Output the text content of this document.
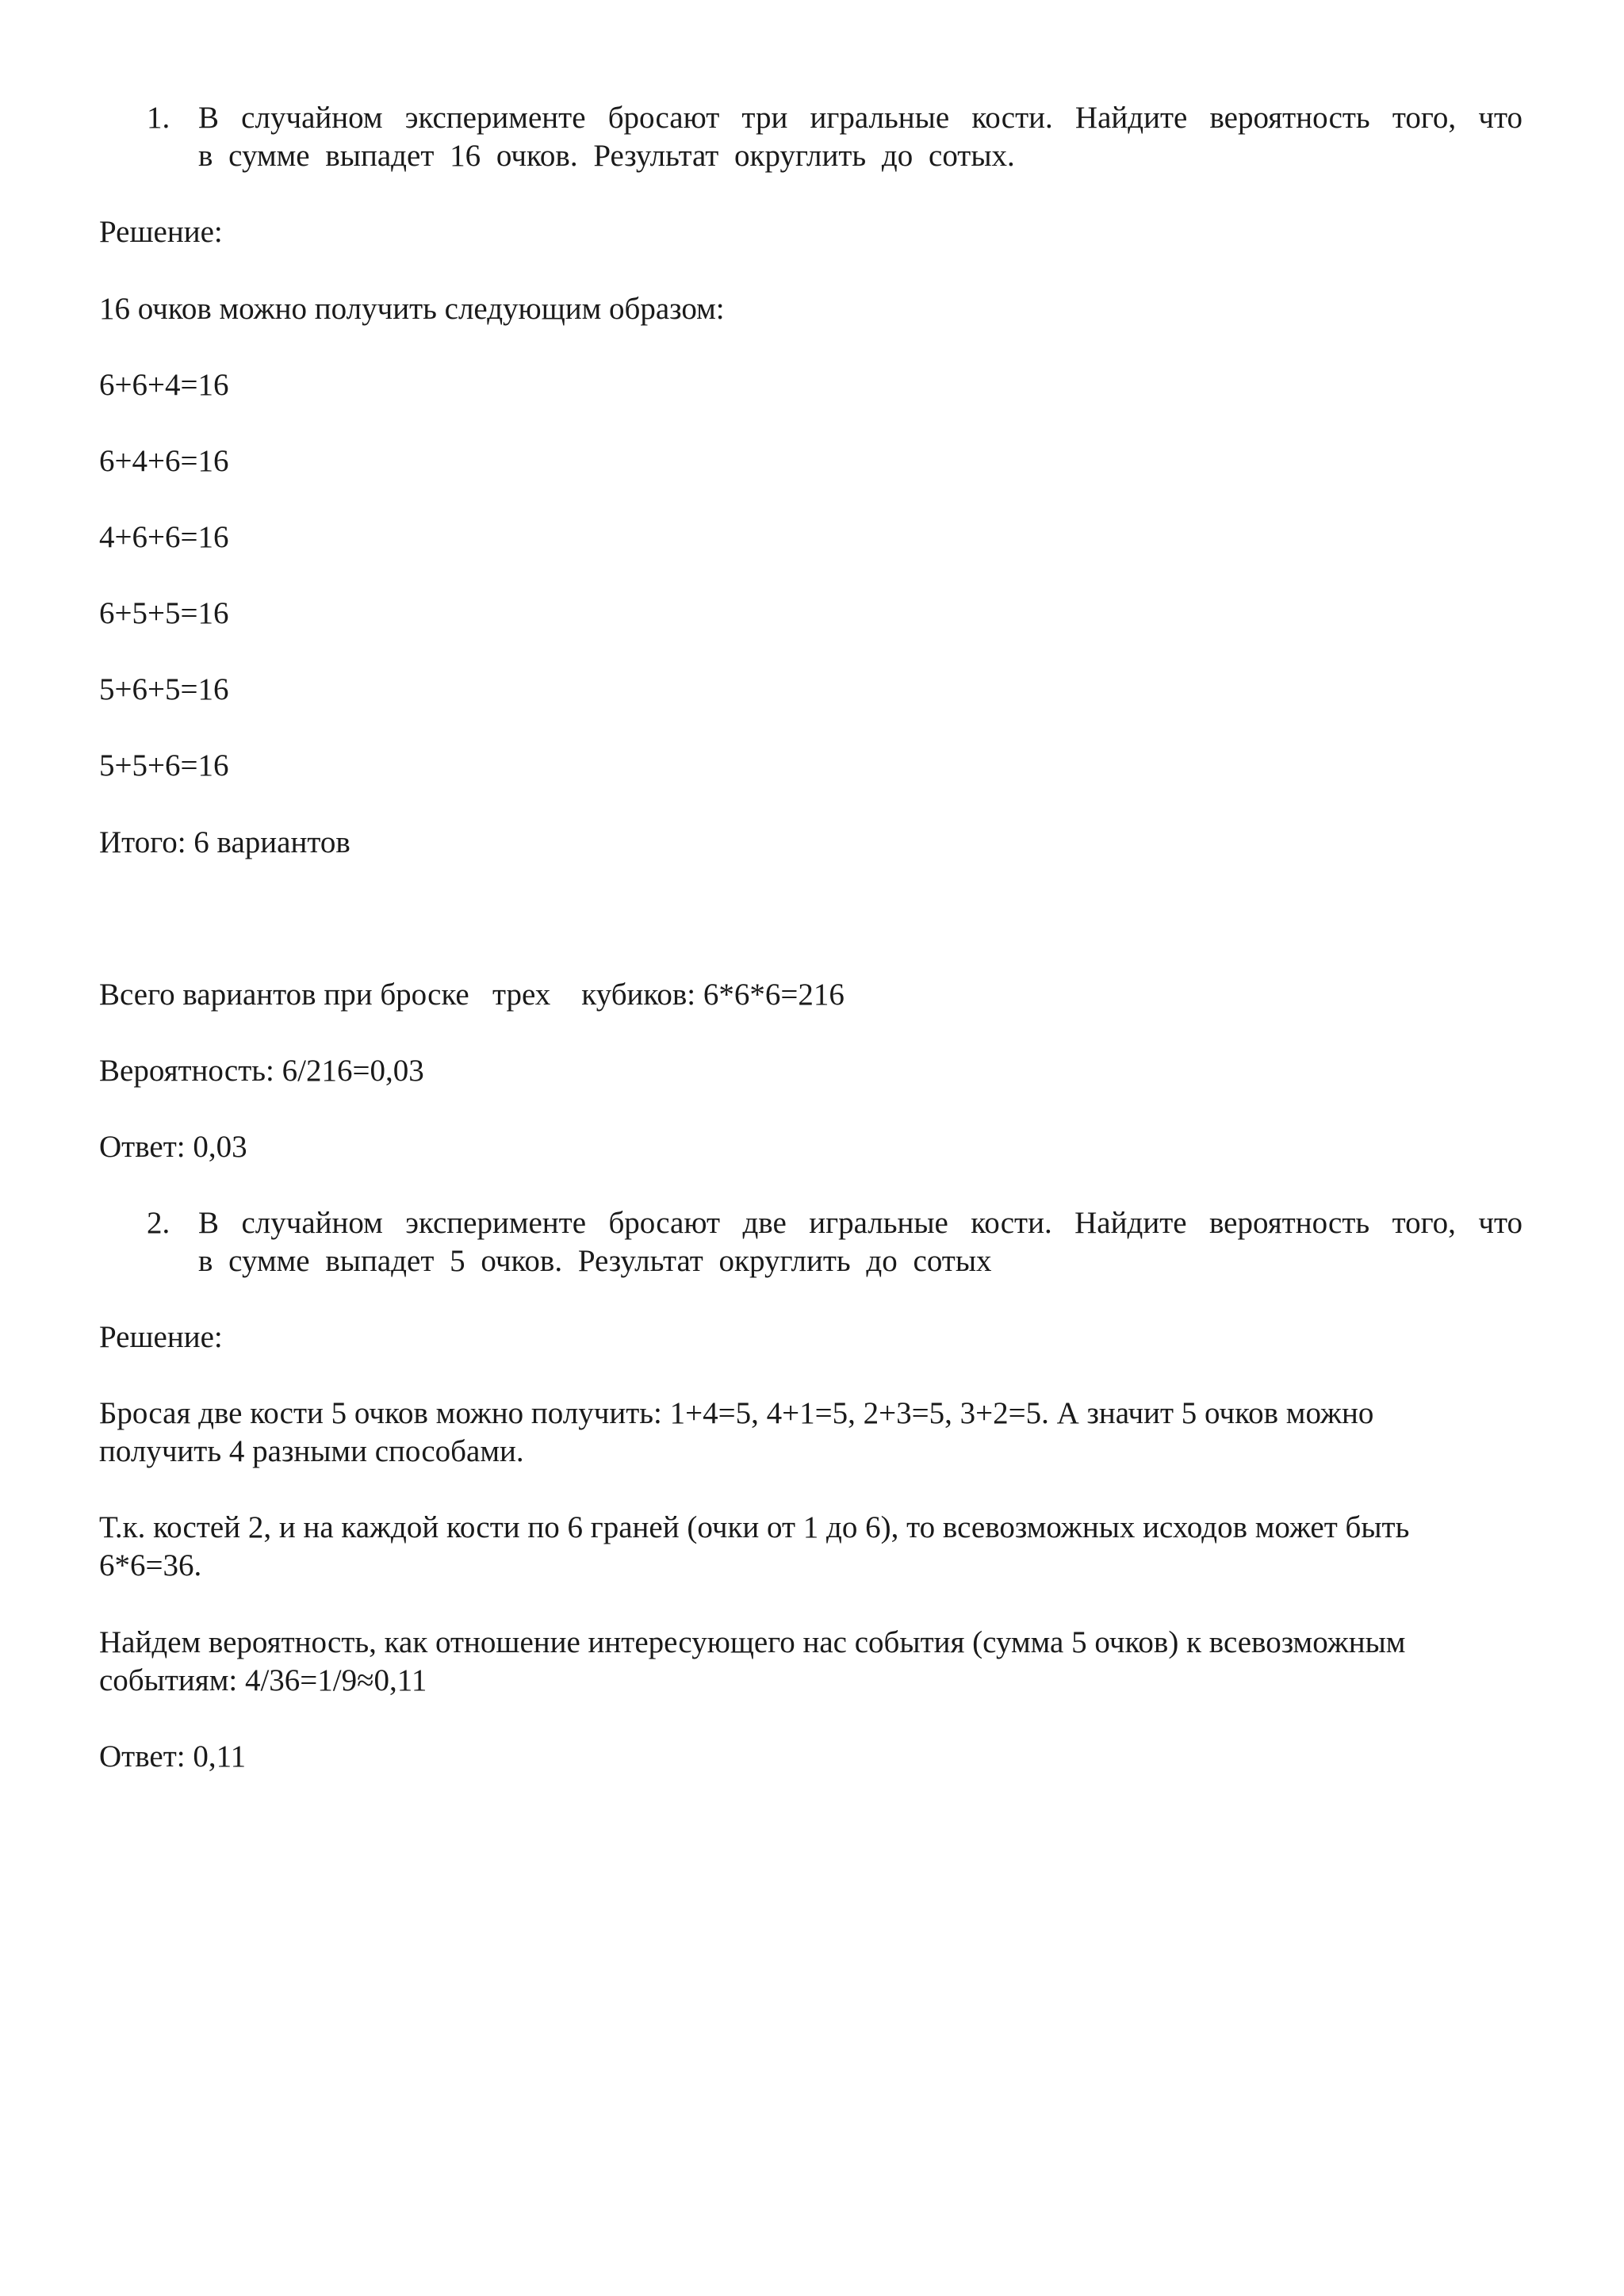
1. В случайном эксперименте бросают три игральные кости. Найдите вероятность того, что
в сумме выпадет 16 очков. Результат округлить до сотых.
Решение:
16 очков можно получить следующим образом:
6+6+4=16
6+4+6=16
4+6+6=16
6+5+5=16
5+6+5=16
5+5+6=16
Итого: 6 вариантов
Всего вариантов при броске   трех    кубиков: 6*6*6=216
Вероятность: 6/216=0,03
Ответ: 0,03
2. В случайном эксперименте бросают две игральные кости. Найдите вероятность того, что
в сумме выпадет 5 очков. Результат округлить до сотых
Решение:
Бросая две кости 5 очков можно получить: 1+4=5, 4+1=5, 2+3=5, 3+2=5. А значит 5 очков можно
получить 4 разными способами.
Т.к. костей 2, и на каждой кости по 6 граней (очки от 1 до 6), то всевозможных исходов может быть
6*6=36.
Найдем вероятность, как отношение интересующего нас события (сумма 5 очков) к всевозможным
событиям: 4/36=1/9≈0,11
Ответ: 0,11
